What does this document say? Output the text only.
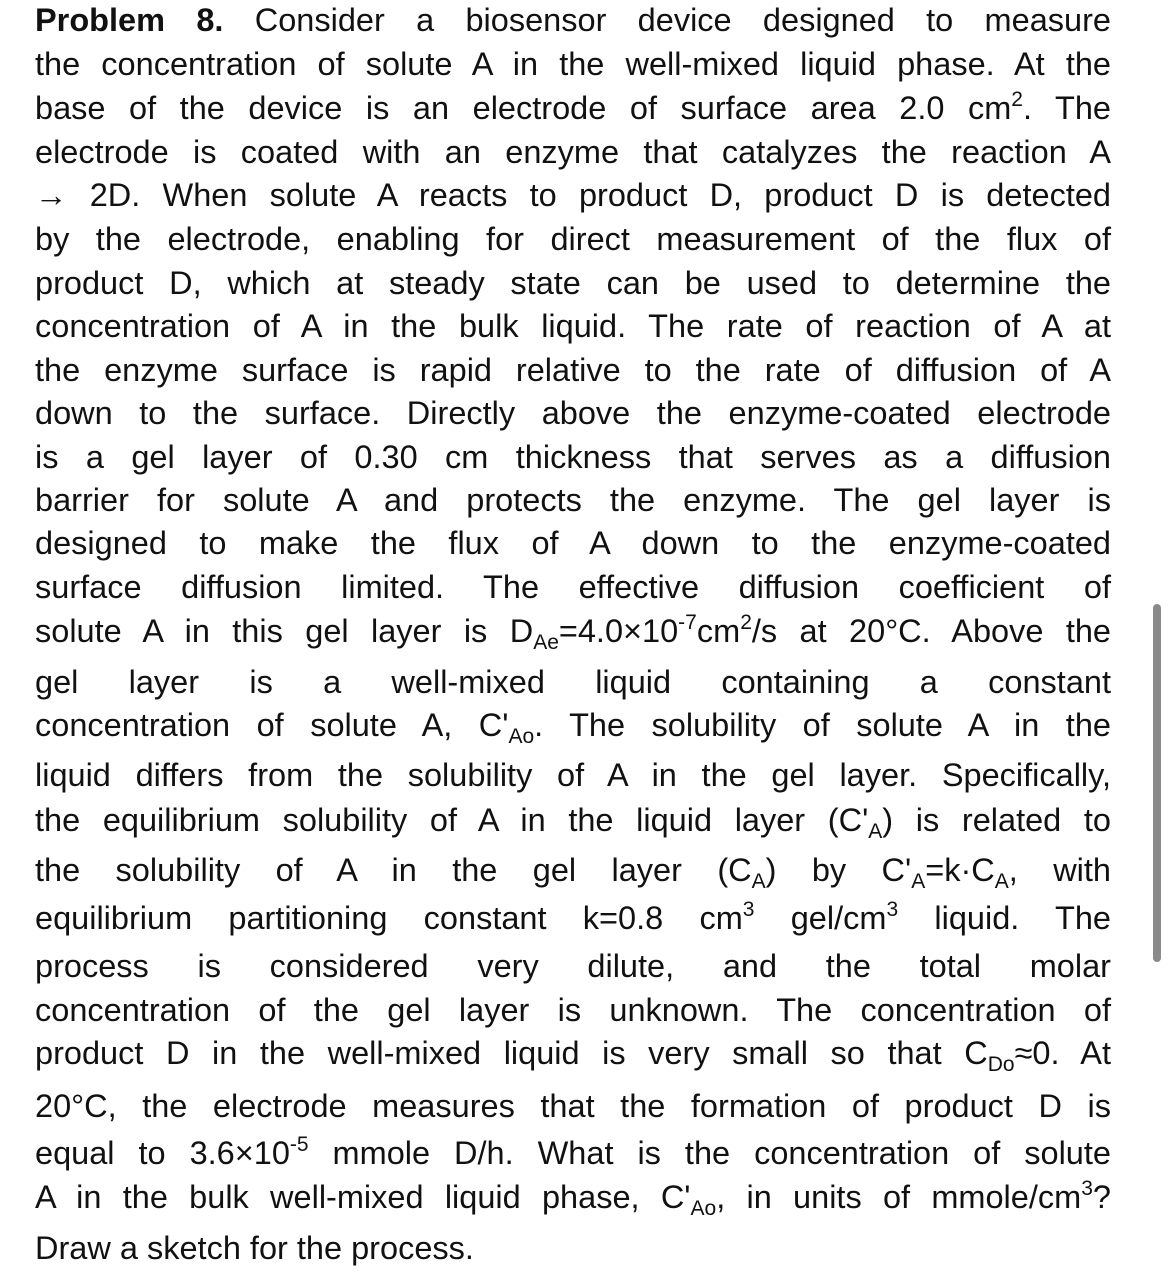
Problem 8. Consider a biosensor device designed to measure
the concentration of solute A in the well-mixed liquid phase. At the
base of the device is an electrode of surface area 2.0 $cm^2$. The
electrode is coated with an enzyme that catalyzes the reaction A
→ 2D. When solute A reacts to product D, product D is detected
by the electrode, enabling for direct measurement of the flux of
product D, which at steady state can be used to determine the
concentration of A in the bulk liquid. The rate of reaction of A at
the enzyme surface is rapid relative to the rate of diffusion of A
down to the surface. Directly above the enzyme-coated electrode
is a gel layer of 0.30 cm thickness that serves as a diffusion
barrier for solute A and protects the enzyme. The gel layer is
designed to make the flux of A down to the enzyme-coated
surface diffusion limited. The effective diffusion coefficient of
solute A in this gel layer is $D_{Ae}=4.0\times 10^{-7}cm^2/s$ at 20°C. Above the
gel layer is a well-mixed liquid containing a constant
concentration of solute A, $C'_{Ao}$. The solubility of solute A in the
liquid differs from the solubility of A in the gel layer. Specifically,
the equilibrium solubility of A in the liquid layer $(C'_A)$ is related to
the solubility of A in the gel layer $(C_A)$ by $C'_A=k\cdot C_A$, with
equilibrium partitioning constant k=0.8 $cm^3$ gel/$cm^3$ liquid. The
process is considered very dilute, and the total molar
concentration of the gel layer is unknown. The concentration of
product D in the well-mixed liquid is very small so that $C_{Do}\approx 0$. At
20°C, the electrode measures that the formation of product D is
equal to $3.6\times 10^{-5}$ mmole D/h. What is the concentration of solute
A in the bulk well-mixed liquid phase, $C'_{Ao}$, in units of mmole/$cm^3$?
Draw a sketch for the process.
